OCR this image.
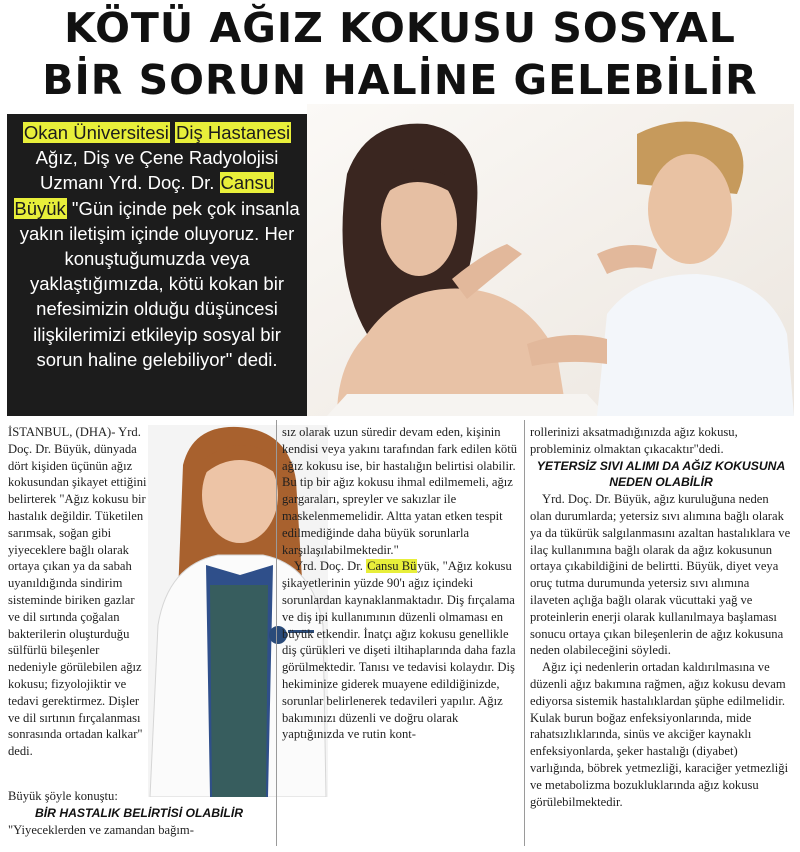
KÖTÜ AĞIZ KOKUSU SOSYAL
BİR SORUN HALİNE GELEBİLİR
Okan Üniversitesi Diş Hastanesi Ağız, Diş ve Çene Radyolojisi Uzmanı Yrd. Doç. Dr. Cansu Büyük "Gün içinde pek çok insanla yakın iletişim içinde oluyoruz. Her konuştuğumuzda veya yaklaştığımızda, kötü kokan bir nefesimizin olduğu düşüncesi ilişkilerimizi etkileyip sosyal bir sorun haline gelebiliyor" dedi.

İSTANBUL, (DHA)- Yrd. Doç. Dr. Büyük, dünyada dört kişiden üçünün ağız kokusundan şikayet ettiğini belirterek "Ağız kokusu bir hastalık değildir. Tüketilen sarımsak, soğan gibi yiyeceklere bağlı olarak ortaya çıkan ya da sabah uyanıldığında sindirim sisteminde biriken gazlar ve dil sırtında çoğalan bakterilerin oluşturduğu sülfürlü bileşenler nedeniyle görülebilen ağız kokusu; fizyolojiktir ve tedavi gerektirmez. Dişler ve dil sırtının fırçalanması sonrasında ortadan kalkar" dedi.

Büyük şöyle konuştu:

BİR HASTALIK BELİRTİSİ OLABİLİR

"Yiyeceklerden ve zamandan bağım-

sız olarak uzun süredir devam eden, kişinin kendisi veya yakını tarafından fark edilen kötü ağız kokusu ise, bir hastalığın belirtisi olabilir. Bu tip bir ağız kokusu ihmal edilmemeli, ağız gargaraları, spreyler ve sakızlar ile maskelenmemelidir. Altta yatan etken tespit edilmediğinde daha büyük sorunlarla karşılaşılabilmektedir."

Yrd. Doç. Dr. Cansu Büyük, "Ağız kokusu şikayetlerinin yüzde 90'ı ağız içindeki sorunlardan kaynaklanmaktadır. Diş fırçalama ve diş ipi kullanımının düzenli olmaması en büyük etkendir. İnatçı ağız kokusu genellikle diş çürükleri ve dişeti iltihaplarında daha fazla görülmektedir. Tanısı ve tedavisi kolaydır. Diş hekiminize giderek muayene edildiğinizde, sorunlar belirlenerek tedavileri yapılır. Ağız bakımınızı düzenli ve doğru olarak yaptığınızda ve rutin kont-

rollerinizi aksatmadığınızda ağız kokusu, probleminiz olmaktan çıkacaktır"dedi.

YETERSİZ SIVI ALIMI DA AĞIZ KOKUSUNA NEDEN OLABİLİR

Yrd. Doç. Dr. Büyük, ağız kuruluğuna neden olan durumlarda; yetersiz sıvı alımına bağlı olarak ya da tükürük salgılanmasını azaltan hastalıklara ve ilaç kullanımına bağlı olarak da ağız kokusunun ortaya çıkabildiğini de belirtti. Büyük, diyet veya oruç tutma durumunda yetersiz sıvı alımına ilaveten açlığa bağlı olarak vücuttaki yağ ve proteinlerin enerji olarak kullanılmaya başlaması sonucu ortaya çıkan bileşenlerin de ağız kokusuna neden olabileceğini söyledi.

Ağız içi nedenlerin ortadan kaldırılmasına ve düzenli ağız bakımına rağmen, ağız kokusu devam ediyorsa sistemik hastalıklardan şüphe edilmelidir. Kulak burun boğaz enfeksiyonlarında, mide rahatsızlıklarında, sinüs ve akciğer kaynaklı enfeksiyonlarda, şeker hastalığı (diyabet) varlığında, böbrek yetmezliği, karaciğer yetmezliği ve metabolizma bozukluklarında ağız kokusu görülebilmektedir.
